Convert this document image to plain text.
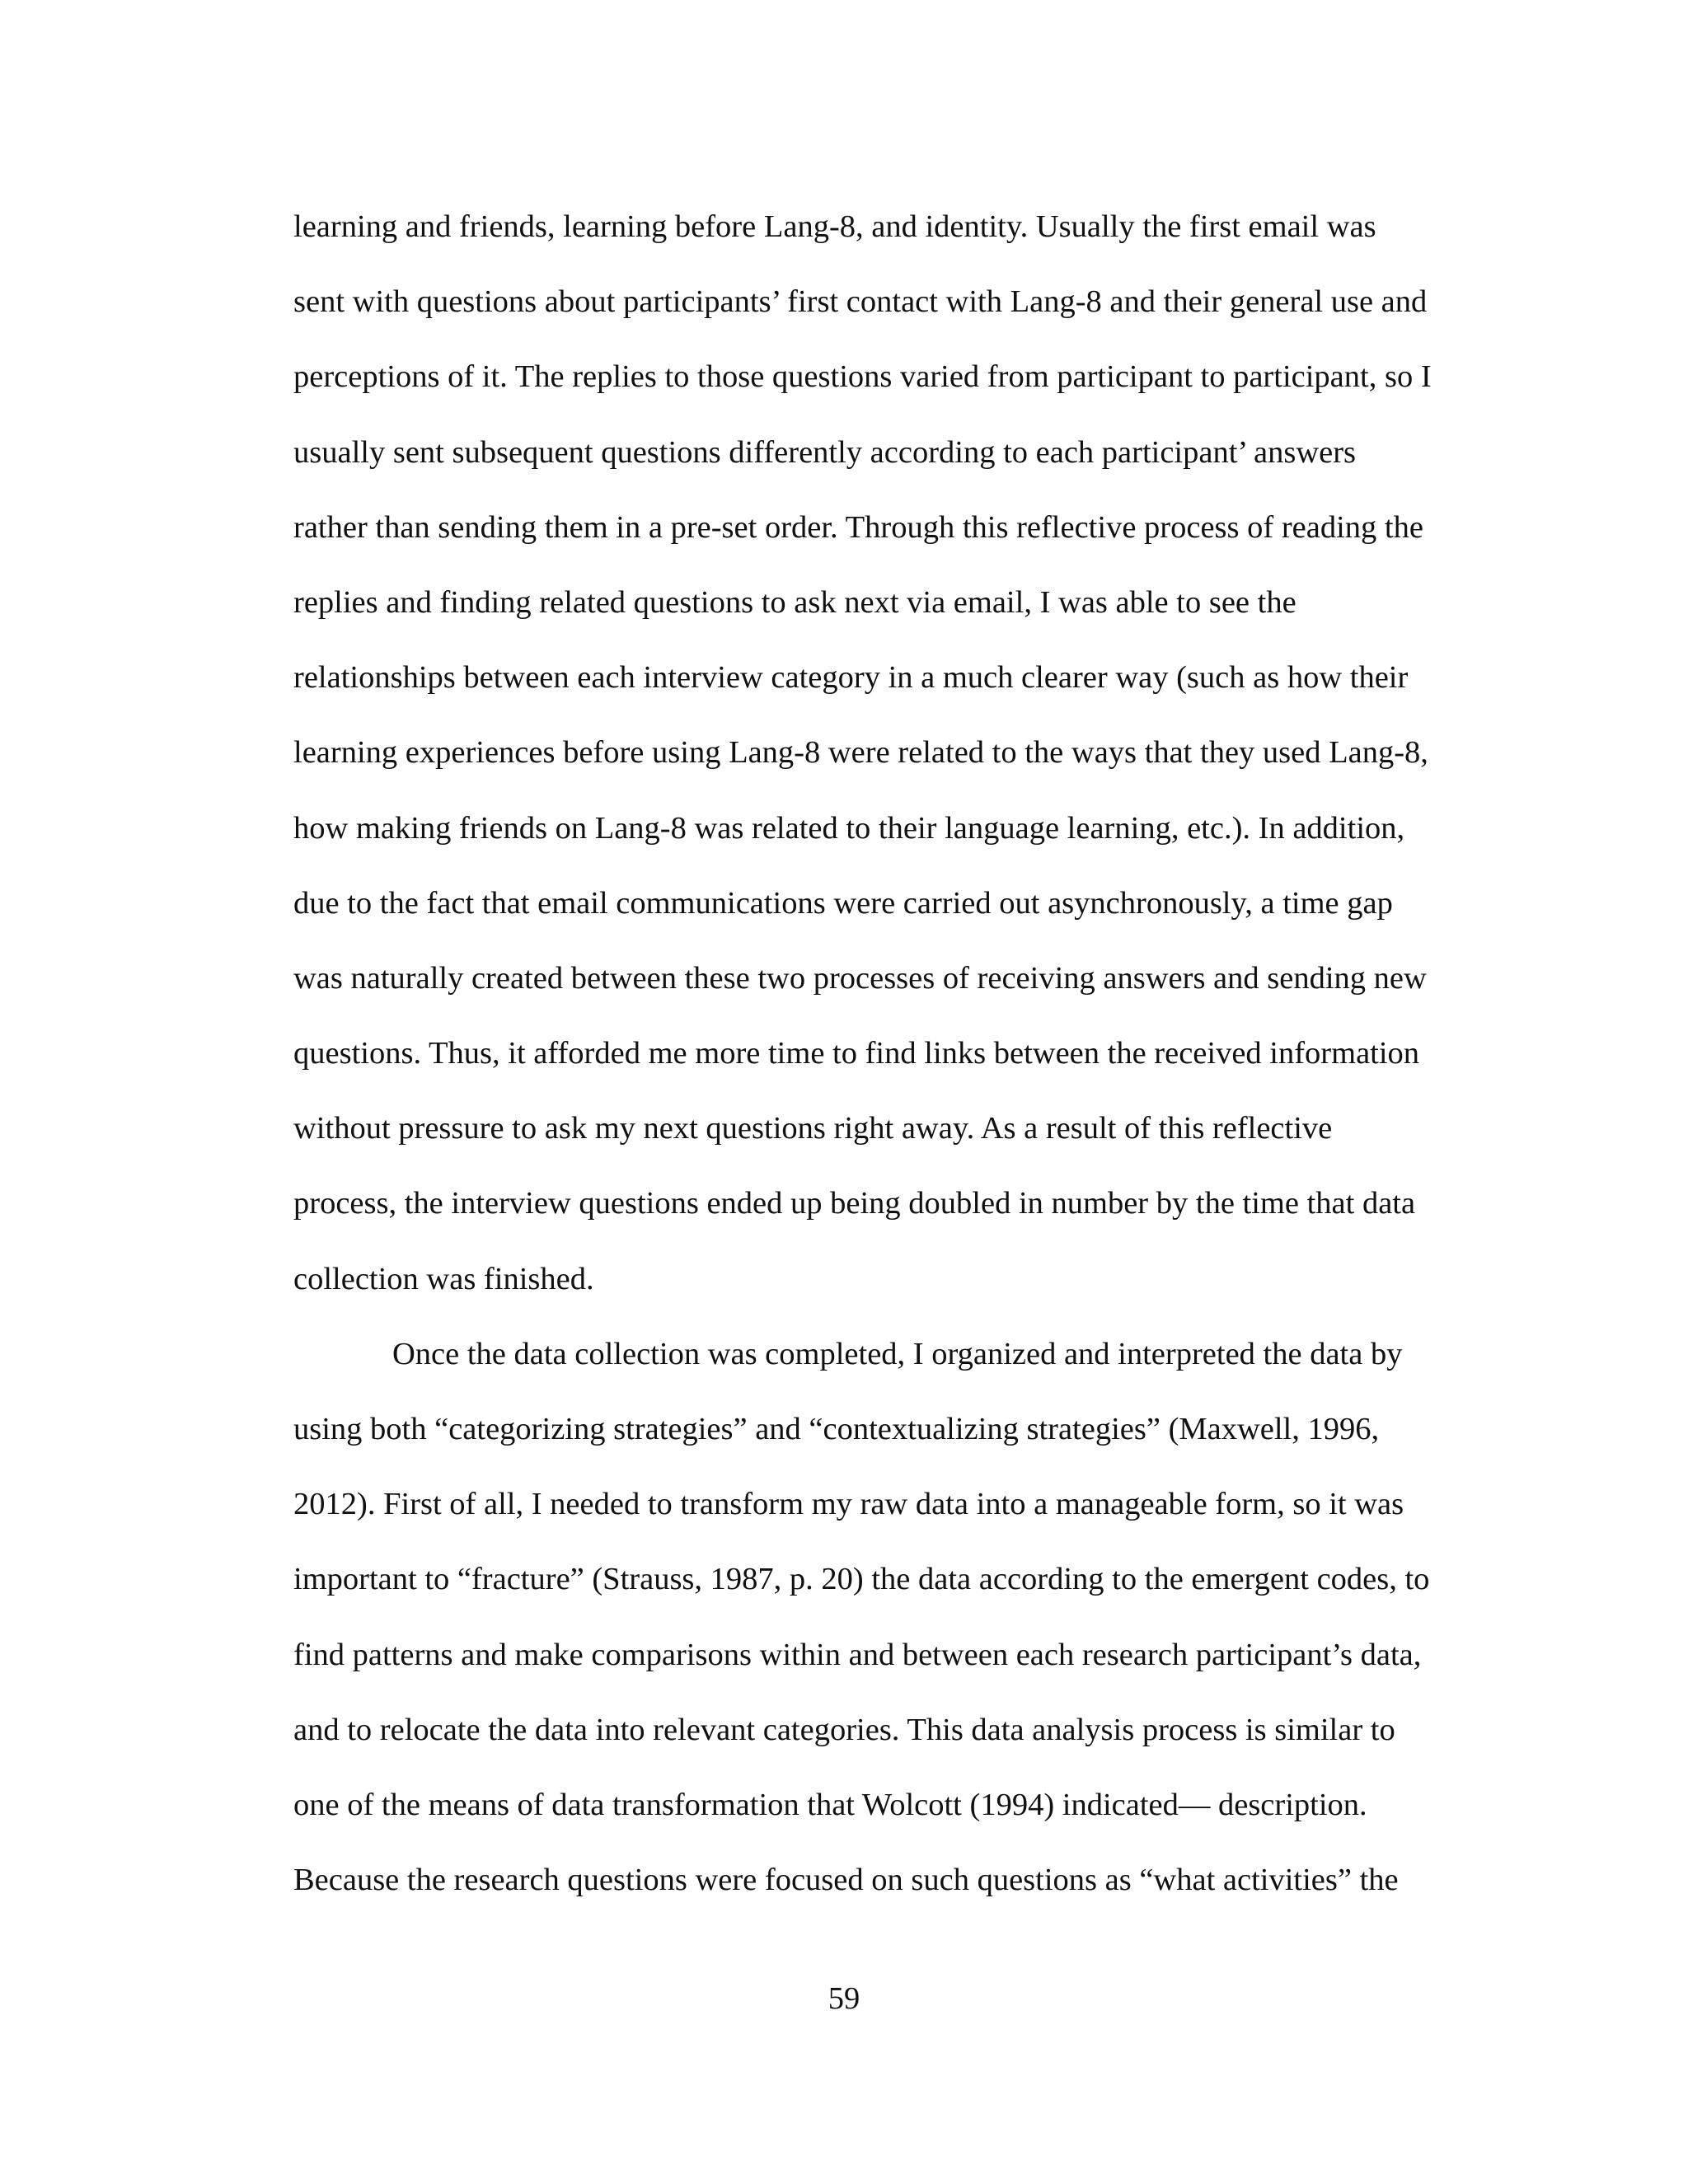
learning and friends, learning before Lang-8, and identity. Usually the first email was
sent with questions about participants’ first contact with Lang-8 and their general use and
perceptions of it. The replies to those questions varied from participant to participant, so I
usually sent subsequent questions differently according to each participant’ answers
rather than sending them in a pre-set order. Through this reflective process of reading the
replies and finding related questions to ask next via email, I was able to see the
relationships between each interview category in a much clearer way (such as how their
learning experiences before using Lang-8 were related to the ways that they used Lang-8,
how making friends on Lang-8 was related to their language learning, etc.). In addition,
due to the fact that email communications were carried out asynchronously, a time gap
was naturally created between these two processes of receiving answers and sending new
questions. Thus, it afforded me more time to find links between the received information
without pressure to ask my next questions right away. As a result of this reflective
process, the interview questions ended up being doubled in number by the time that data
collection was finished.
Once the data collection was completed, I organized and interpreted the data by
using both “categorizing strategies” and “contextualizing strategies” (Maxwell, 1996,
2012). First of all, I needed to transform my raw data into a manageable form, so it was
important to “fracture” (Strauss, 1987, p. 20) the data according to the emergent codes, to
find patterns and make comparisons within and between each research participant’s data,
and to relocate the data into relevant categories. This data analysis process is similar to
one of the means of data transformation that Wolcott (1994) indicated— description.
Because the research questions were focused on such questions as “what activities” the
59
